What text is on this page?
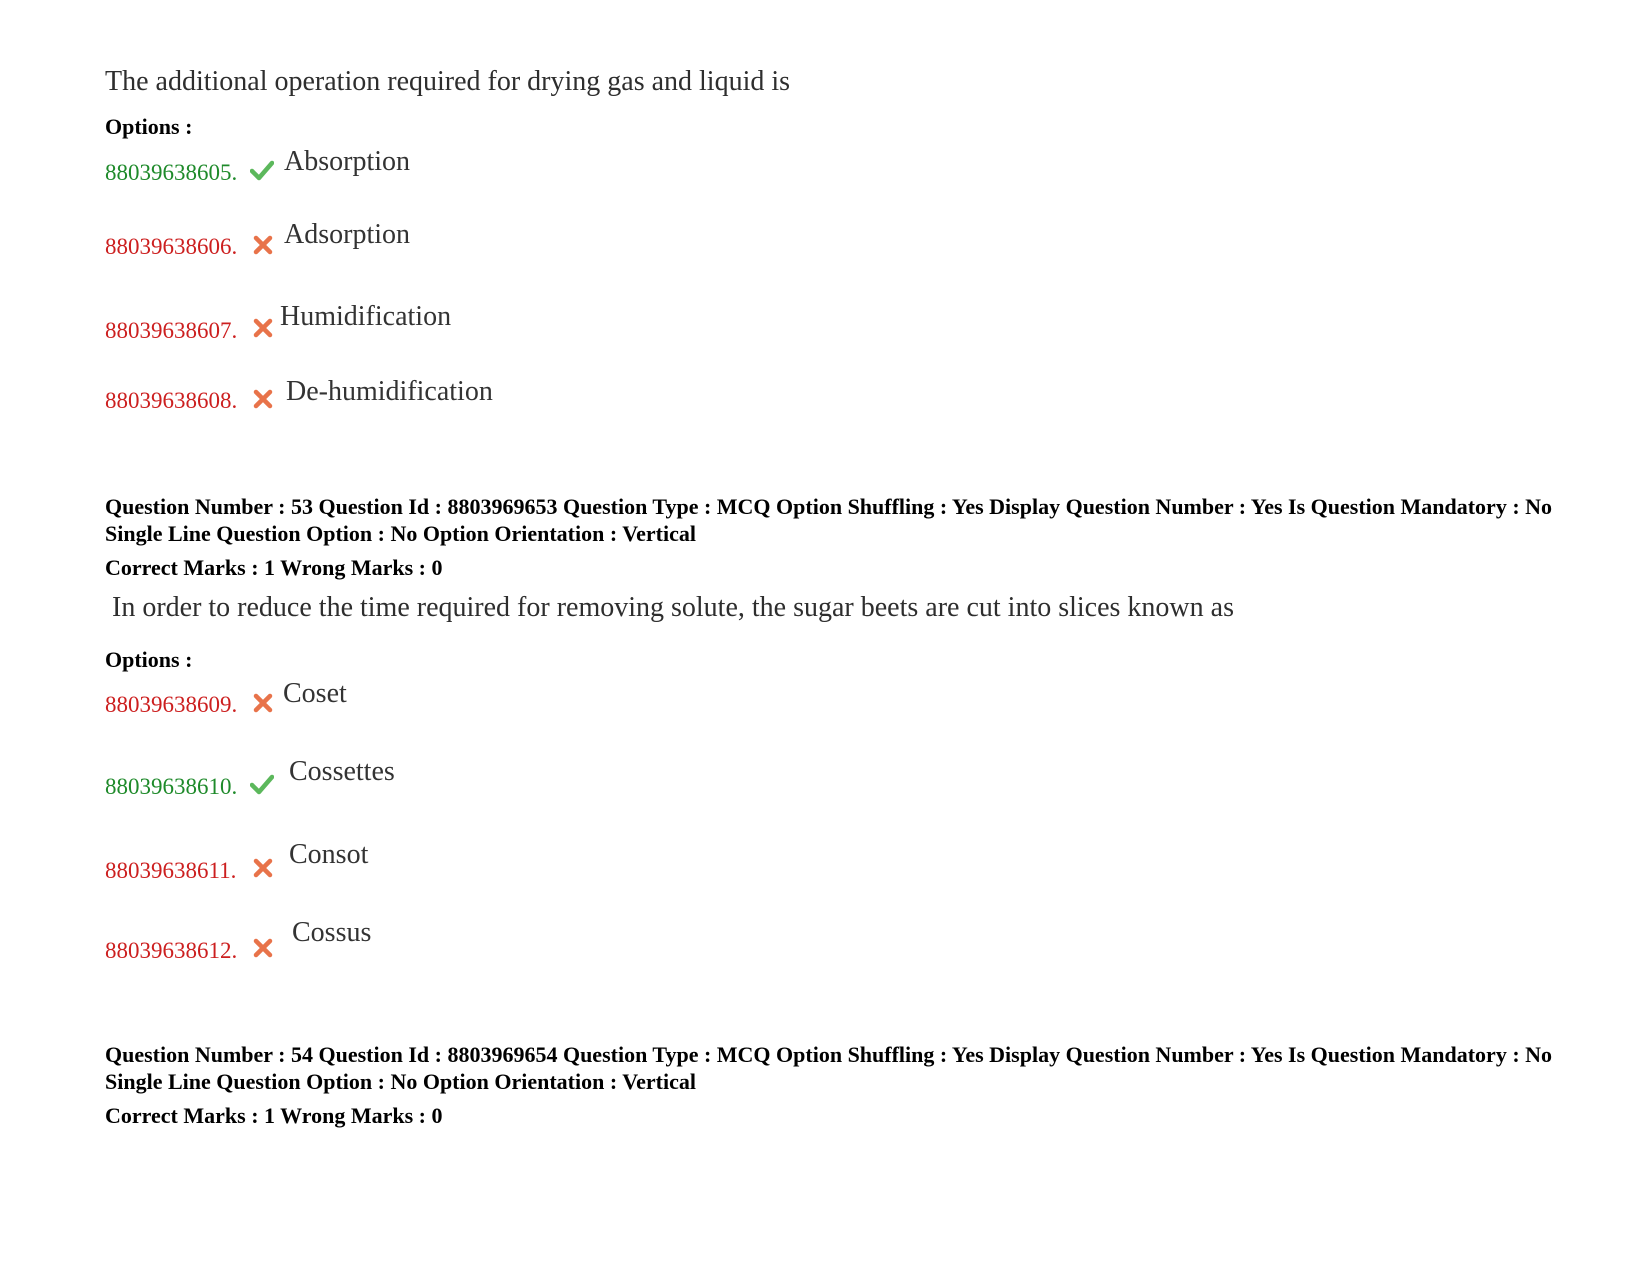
The additional operation required for drying gas and liquid is
Options :
88039638605. Absorption
88039638606. Adsorption
88039638607. Humidification
88039638608. De-humidification
Question Number : 53 Question Id : 8803969653 Question Type : MCQ Option Shuffling : Yes Display Question Number : Yes Is Question Mandatory : No Single Line Question Option : No Option Orientation : Vertical
Correct Marks : 1 Wrong Marks : 0
In order to reduce the time required for removing solute, the sugar beets are cut into slices known as
Options :
88039638609. Coset
88039638610. Cossettes
88039638611.
Consot
88039638612.
Cossus
Question Number : 54 Question Id : 8803969654 Question Type : MCQ Option Shuffling : Yes Display Question Number : Yes Is Question Mandatory : No Single Line Question Option : No Option Orientation : Vertical
Correct Marks : 1 Wrong Marks : 0
